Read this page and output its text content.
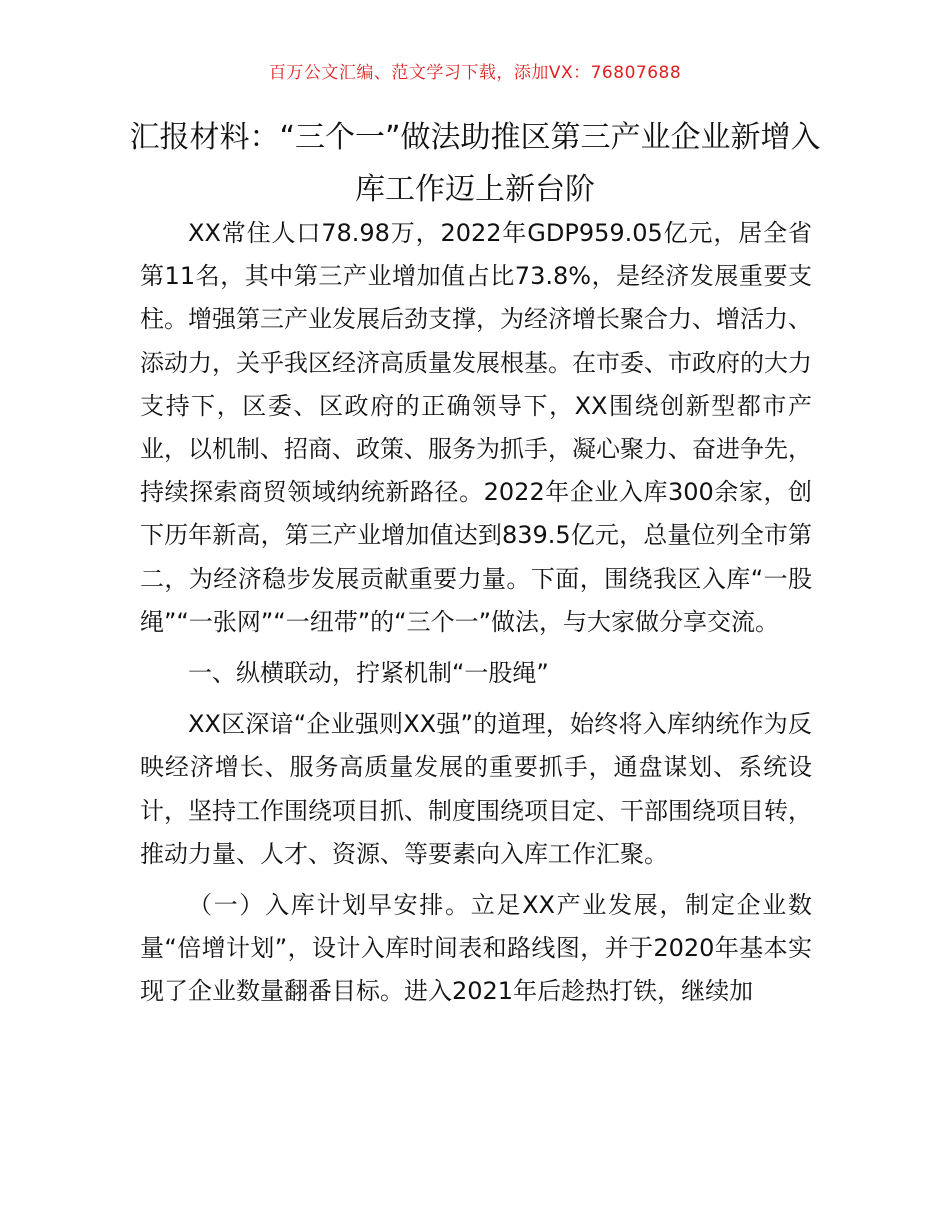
百万公文汇编、范文学习下载，添加VX：76807688
汇报材料：“三个一”做法助推区第三产业企业新增入库工作迈上新台阶

XX常住人口78.98万，2022年GDP959.05亿元，居全省第11名，其中第三产业增加值占比73.8%，是经济发展重要支柱。增强第三产业发展后劲支撑，为经济增长聚合力、增活力、添动力，关乎我区经济高质量发展根基。在市委、市政府的大力支持下，区委、区政府的正确领导下，XX围绕创新型都市产业，以机制、招商、政策、服务为抓手，凝心聚力、奋进争先，持续探索商贸领域纳统新路径。2022年企业入库300余家，创下历年新高，第三产业增加值达到839.5亿元，总量位列全市第二，为经济稳步发展贡献重要力量。下面，围绕我区入库“一股绳”“一张网”“一纽带”的“三个一”做法，与大家做分享交流。

一、纵横联动，拧紧机制“一股绳”

XX区深谙“企业强则XX强”的道理，始终将入库纳统作为反映经济增长、服务高质量发展的重要抓手，通盘谋划、系统设计，坚持工作围绕项目抓、制度围绕项目定、干部围绕项目转，推动力量、人才、资源、等要素向入库工作汇聚。

（一）入库计划早安排。立足XX产业发展，制定企业数量“倍增计划”，设计入库时间表和路线图，并于2020年基本实现了企业数量翻番目标。进入2021年后趁热打铁，继续加
